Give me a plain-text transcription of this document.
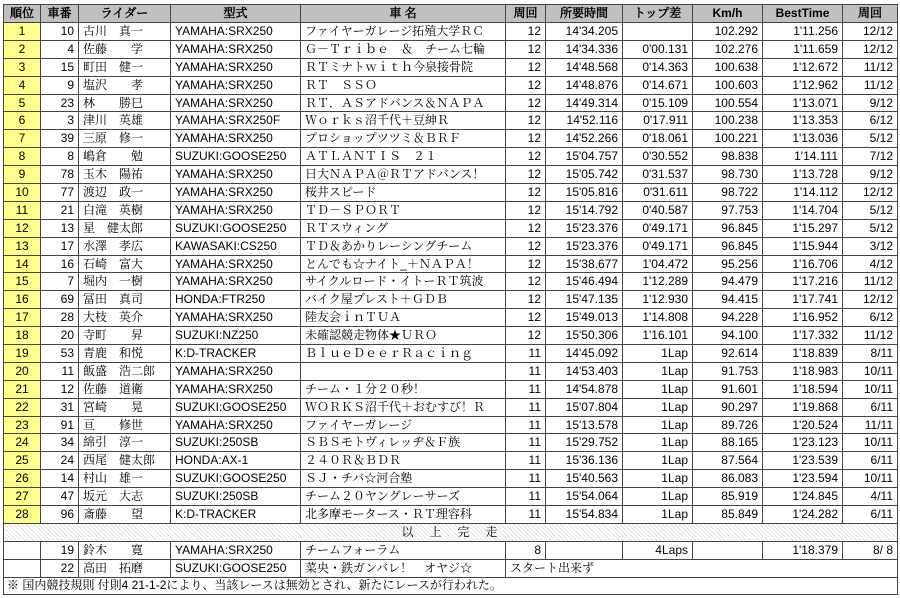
順位	車番	ライダー	型式	車 名	周回	所要時間	トップ差	Km/h	BestTime	周回
1	10	古川　真一	YAMAHA:SRX250	ファイヤーガレージ拓殖大学ＲＣ	12	14'34.205		102.292	1'11.256	12/12
2	4	佐藤　　学	YAMAHA:SRX250	Ｇ－Ｔｒｉｂｅ　＆　チーム七輪	12	14'34.336	0'00.131	102.276	1'11.659	12/12
3	15	町田　健一	YAMAHA:SRX250	ＲＴミナトｗｉｔｈ今泉接骨院	12	14'48.568	0'14.363	100.638	1'12.672	11/12
4	9	塩沢　　孝	YAMAHA:SRX250	ＲＴ　ＳＳＯ	12	14'48.876	0'14.671	100.603	1'12.962	11/12
5	23	林　　勝巳	YAMAHA:SRX250	ＲＴ．ＡＳアドバンス＆ＮＡＰＡ	12	14'49.314	0'15.109	100.554	1'13.071	9/12
6	3	津川　英雄	YAMAHA:SRX250F	Ｗｏｒｋｓ沼千代＋豆紳Ｒ	12	14'52.116	0'17.911	100.238	1'13.353	6/12
7	39	三原　修一	YAMAHA:SRX250	プロショップツツミ＆ＢＲＦ	12	14'52.266	0'18.061	100.221	1'13.036	5/12
8	8	嶋倉　　勉	SUZUKI:GOOSE250	ＡＴＬＡＮＴＩＳ　２１	12	15'04.757	0'30.552	98.838	1'14.111	7/12
9	78	玉木　陽祐	YAMAHA:SRX250	日大ＮＡＰＡ＠ＲＴアドバンス！	12	15'05.742	0'31.537	98.730	1'13.728	9/12
10	77	渡辺　政一	YAMAHA:SRX250	桜井スピード	12	15'05.816	0'31.611	98.722	1'14.112	12/12
11	21	白滝　英樹	YAMAHA:SRX250	ＴＤ－ＳＰＯＲＴ	12	15'14.792	0'40.587	97.753	1'14.704	5/12
12	13	星　健太郎	SUZUKI:GOOSE250	ＲＴスウィング	12	15'23.376	0'49.171	96.845	1'15.297	5/12
13	17	水澤　孝広	KAWASAKI:CS250	ＴＤ＆あかりレーシングチーム	12	15'23.376	0'49.171	96.845	1'15.944	3/12
14	16	石崎　富大	YAMAHA:SRX250	とんでも☆ナイト_＋ＮＡＰＡ！	12	15'38.677	1'04.472	95.256	1'16.706	4/12
15	7	堀内　一樹	YAMAHA:SRX250	サイクルロード・イトーＲＴ筑波	12	15'46.494	1'12.289	94.479	1'17.216	11/12
16	69	冨田　真司	HONDA:FTR250	バイク屋プレスト＋ＧＤＢ	12	15'47.135	1'12.930	94.415	1'17.741	12/12
17	28	大枝　英介	YAMAHA:SRX250	陸友会ｉｎＴＵＡ	12	15'49.013	1'14.808	94.228	1'16.952	6/12
18	20	寺町　　昇	SUZUKI:NZ250	未確認競走物体★ＵＲＯ	12	15'50.306	1'16.101	94.100	1'17.332	11/12
19	53	青鹿　和悦	K:D-TRACKER	ＢｌｕｅＤｅｅｒＲａｃｉｎｇ	11	14'45.092	1Lap	92.614	1'18.839	8/11
20	11	飯盛　浩二郎	YAMAHA:SRX250		11	14'53.403	1Lap	91.753	1'18.983	10/11
21	12	佐藤　道衛	YAMAHA:SRX250	チーム・１分２０秒！	11	14'54.878	1Lap	91.601	1'18.594	10/11
22	31	宮崎　　晃	SUZUKI:GOOSE250	ＷＯＲＫＳ沼千代＋おむすび！Ｒ	11	15'07.804	1Lap	90.297	1'19.868	6/11
23	91	亘　　修世	YAMAHA:SRX250	ファイヤーガレージ	11	15'13.578	1Lap	89.726	1'20.524	11/11
24	34	綿引　淳一	SUZUKI:250SB	ＳＢＳモトヴィレッヂ＆Ｆ族	11	15'29.752	1Lap	88.165	1'23.123	10/11
25	24	西尾　健太郎	HONDA:AX-1	２４０Ｒ＆ＢＤＲ	11	15'36.136	1Lap	87.564	1'23.539	6/11
26	14	村山　雄一	SUZUKI:GOOSE250	ＳＪ・チバ☆河合塾	11	15'40.563	1Lap	86.083	1'23.594	10/11
27	47	坂元　大志	SUZUKI:250SB	チーム２０ヤングレーサーズ	11	15'54.064	1Lap	85.919	1'24.845	4/11
28	96	斎藤　　望	K:D-TRACKER	北多摩モータース・ＲＴ理容科	11	15'54.834	1Lap	85.849	1'24.282	6/11
以　上　完　走										
	19	鈴木　　寛	YAMAHA:SRX250	チームフォーラム	8		4Laps		1'18.379	8/ 8
	22	高田　拓磨	SUZUKI:GOOSE250	菜央・鉄ガンバレ！　オヤジ☆	スタート出来ず					
※ 国内競技規則 付則4 21-1-2により、当該レースは無効とされ、新たにレースが行われた。										
